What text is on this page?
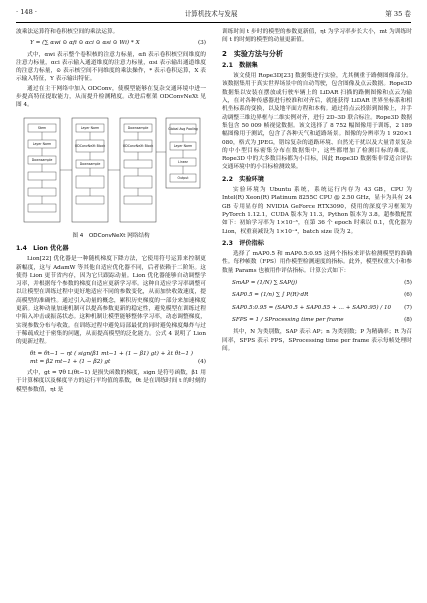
· 148 ·	计算机技术与发展	第 35 卷

波乘法运算符和卷积核空间的乘法运算。

Y = (∑ αwi ⊙ αfi ⊙ αci ⊙ αsi ⊙ Wi) * X	(3)

式中，αwi 表示整个卷积核的注意力标量，αfi 表示卷积核空间维度的注意力标量，αci 表示输入通道维度的注意力标量，αsi 表示输出通道维度的注意力标量，⊙ 表示核空间不同维度的乘法操作，* 表示卷积运算，X 表示输入特征，Y 表示输出特征。

通过在主干网络中加入 ODConv，使模型能够在复杂交通环境中进一步提高特征提取能力，从而提升检测精度。改进后框架 ODConvNeXt 见图 4。

Stem
Layer Norm
Downsample
Layer Norm
ODConvNeXt Block
Downsample
Downsample
ODConvNeXt Block
Global Avg Pooling
Layer Norm
Linear
Output
图 4　ODConvNeXt 网络结构
1.4　Lion 优化器

Lion[22] 优化器是一种随机梯度下降方法，它使用符号运算来控制更新幅度，这与 AdamW 等其他自适应优化器不同，后者依赖于二阶矩。这使得 Lion 更节省内存，因为它只跟踪动量。Lion 优化器能够自动调整学习率，并根据每个参数的梯度自适应更新学习率。这种自适应学习率调整可以让模型在训练过程中更好地适应不同的参数变化，从而加快收敛速度，提高模型的准确性。通过引入动量的概念，累积历史梯度的一部分来加速梯度更新。这种动量加速机制可以提高参数更新的稳定性，避免模型在训练过程中陷入冲击或振荡状态。这种机制让模型能够整体学习率，动态调整梯度，实现参数分布与收敛。在训练过程中避免局部最优的同时避免梯度爆炸与过于稀疏成过于密集的问题，从而提高模型的泛化能力。公式 4 说明了 Lion 的更新过程。

θt = θt−1 − ηt ( sign(β1 mt−1 + (1 − β1) gt) + λt θt−1 )
mt = β2 mt−1 + (1 − β2) gt	(4)

式中，gt = ∇θ L(θt−1) 是损失函数的梯度，sign 是符号函数，β1 用于计算梯度以及梯度平方的运行平均值的系数，θt 是在训练时间 t 的时刻的模型参数值，ηt 是

训练时间 t 步时的模型的参数更新值，ηt 为学习率步长大小，mt 为训练时间 t 的时刻的模型的动量更新值。

2　实验方法与分析
2.1　数据集

该文使用 Rope3D[23] 数据集进行实验，尤其侧重于路侧图像部分。该数据集用于真实世界场景中的自动驾驶，包含图像及点云数据。Rope3D 数据集以安装在摆放或行驶车辆上的 LiDAR 扫描的路侧图像和点云为输入，在对各种传感器进行校准和对齐后，就能获得 LiDAR 世界坐标系和相机坐标系的变换，以及地平面方程和本构。通过将点云投影到图像上，并手动调整三维边界框与二维实例对齐，进行 2D–3D 联合标注。Rope3D 数据集包含 50 009 帧视觉数据。该文选择了 8 752 幅图像用于训练，2 189 幅图像用于测试，包含了各种天气和道路场景。图像的分辨率为 1 920×1 080，格式为 JPEG，错综复杂的道路环境、自然光干扰以及大量背景复杂的中小型目标密集分布在数据集中，这些都增加了检测目标的难度。Rope3D 中的大多数目标都为小目标，因此 Rope3D 数据集非常适合评估交通环境中的小目标检测效果。

2.2　实验环境

实验环境为 Ubuntu 系统，系统运行内存为 43 GB，CPU 为 Intel(R) Xeon(R) Platinum 8255C CPU @ 2.50 GHz，显卡为具有 24 GB 专用显存的 NVIDIA GeForce RTX3090，使用的深度学习框架为 PyTorch 1.12.1，CUDA 版本为 11.3，Python 版本为 3.8。超参数配置如下：初始学习率为 1×10⁻³，在第 36 个 epoch 时乘以 0.1，优化器为 Lion，权重衰减设为 1×10⁻⁴，batch size 设为 2。

2.3　评价指标

选择了 mAP0.5 和 mAP0.5:0.95 这两个指标来评估检测模型的准确性。每秒帧数（FPS）用作模型检测速度的指标。此外，模型权重大小和参数量 Params 也被用作评估指标。计算公式如下：

SmAP = (1/N) ∑ SAP(j)	(5)
SAP0.5 = (1/n) ∑ ∫ P(R)·dR	(6)
SAP0.5:0.95 = (SAP0.5 + SAP0.55 + … + SAP0.95) / 10 (7)
SFPS = 1 / SProcessing time per frame	(8)

其中，N 为类别数，SAP 表示 AP；n 为类别数；P 为精确率；R 为召回率，SFPS 表示 FPS，SProcessing time per frame 表示每帧处理时间。
